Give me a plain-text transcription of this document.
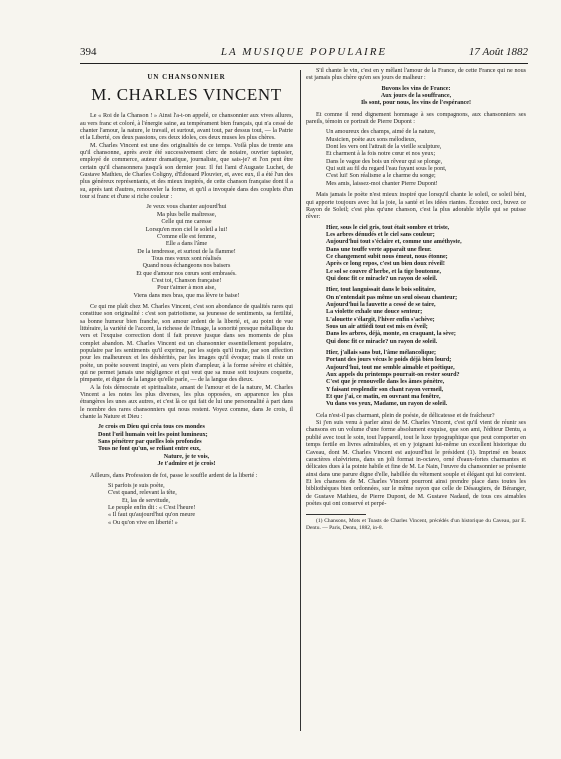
394	LA MUSIQUE POPULAIRE	17 Août 1882
UN CHANSONNIER
M. CHARLES VINCENT

Le « Roi de la Chanson ! » Ainsi l'a-t-on appelé, ce chansonnier aux vives allures, au vers franc et coloré, à l'énergie saine, au tempérament bien français, qui n'a cessé de chanter l'amour, la nature, le travail, et surtout, avant tout, par dessus tout, — la Patrie et la Liberté, ces deux passions, ces deux idoles, ces deux muses les plus chères.

M. Charles Vincent est une des originalités de ce temps. Voilà plus de trente ans qu'il chansonne, après avoir été successivement clerc de notaire, ouvrier tapissier, employé de commerce, auteur dramatique, journaliste, que sais-je? et l'on peut être certain qu'il chansonnera jusqu'à son dernier jour. Il fut l'ami d'Auguste Luchet, de Gustave Mathieu, de Charles Coligny, d'Édouard Plouvier, et, avec eux, il a été l'un des plus généreux représentants, et des mieux inspirés, de cette chanson française dont il a su, après tant d'autres, renouveler la forme, et qu'il a invoquée dans des couplets d'un tour si franc et d'une si riche couleur :

Je veux vous chanter aujourd'hui
Ma plus belle maîtresse,
Celle qui me caresse
Lorsqu'en mon ciel le soleil a lui!
C'omme elle est femme,
Elle a dans l'âme
De la tendresse, et surtout de la flamme!
Tous mes vœux sont réalisés
Quand nous échangeons nos baisers
Et que d'amour nos cœurs sont embrasés.
C'est toi, Chanson française!
Pour t'aimer à mon aise,
Viens dans mes bras, que ma lèvre te baise!

Ce qui me plaît chez M. Charles Vincent, c'est son abondance de qualités rares qui constitue son originalité : c'est son patriotisme, sa jeunesse de sentiments, sa fertilité, sa bonne humeur bien franche, son amour ardent de la liberté, et, au point de vue littéraire, la variété de l'accent, la richesse de l'image, la sonorité presque métallique du vers et l'exquise correction dont il fait preuve jusque dans ses moments de plus complet abandon. M. Charles Vincent est un chansonnier essentiellement populaire, populaire par les sentiments qu'il exprime, par les sujets qu'il traite, par son affection pour les malheureux et les déshérités, par les images qu'il évoque; mais il reste un poète, un poète souvent inspiré, au vers plein d'ampleur, à la forme sévère et châtiée, qui ne permet jamais une négligence et qui veut que sa muse soit toujours coquette, pimpante, et digne de la langue qu'elle parle, — de la langue des dieux.

A la fois démocrate et spiritualiste, amant de l'amour et de la nature, M. Charles Vincent a les notes les plus diverses, les plus opposées, en apparence les plus étrangères les unes aux autres, et c'est là ce qui fait de lui une personnalité à part dans le nombre des rares chansonniers qui nous restent. Voyez comme, dans Je crois, il chante la Nature et Dieu :

Je crois en Dieu qui créa tous ces mondes
Dont l'œil humain voit les point lumineux;
Sans pénétrer par quelles lois profondes
Tous ne font qu'un, se reliant entre eux,
Nature, je te vois,
Je t'admire et je crois!

Ailleurs, dans Profession de foi, passe le souffle ardent de la liberté :

Si parfois je suis poète,
C'est quand, relevant la tête,
Et, las de servitude,
Le peuple enfin dit : « C'est l'heure!
« Il faut qu'aujourd'hui qu'on meure
« Ou qu'on vive en liberté! »

S'il chante le vin, c'est en y mêlant l'amour de la France, de cette France qui ne nous est jamais plus chère qu'en ses jours de malheur :

Buvons les vins de France:
Aux jours de la souffrance,
Ils sont, pour nous, les vins de l'espérance!

Et comme il rend dignement hommage à ses compagnons, aux chansonniers ses pareils, témoin ce portrait de Pierre Dupont :

Un amoureux des champs, aimé de la nature,
Musicien, poète aux sons mélodieux,
Dont les vers ont l'attrait de la vieille sculpture,
Et charment à la fois notre cœur et nos yeux;
Dans le vague des bois un rêveur qui se plonge,
Qui suit au fil du regard l'eau fuyant sous le pont,
C'est lui! Son réalisme a le charme du songe;
Mes amis, laissez-moi chanter Pierre Dupont!

Mais jamais le poète n'est mieux inspiré que lorsqu'il chante le soleil, ce soleil béni, qui apporte toujours avec lui la joie, la santé et les idées riantes. Écoutez ceci, buvez ce Rayon de Soleil; c'est plus qu'une chanson, c'est la plus adorable idylle qui se puisse rêver:

Hier, sous le ciel gris, tout était sombre et triste,
Les arbres dénudés et le ciel sans couleur;
Aujourd'hui tout s'éclaire et, comme une améthyste,
Dans une touffe verte apparaît une fleur.
Ce changement subit nous émeut, nous étonne;
Après ce long repos, c'est un bien doux réveil!
Le sol se couvre d'herbe, et la tige boutonne,
Qui donc fit ce miracle? un rayon de soleil.
Hier, tout languissait dans le bois solitaire,
On n'entendait pas même un seul oiseau chanteur;
Aujourd'hui la fauvette a cessé de se taire,
La violette exhale une douce senteur;
L'alouette s'élargit, l'hiver enfin s'achève;
Sous un air attiédi tout est mis en éveil;
Dans les arbres, déjà, monte, en craquant, la sève;
Qui donc fit ce miracle? un rayon de soleil.
Hier, j'allais sans but, l'âme mélancolique;
Portant des jours vécus le poids déjà bien lourd;
Aujourd'hui, tout me semble aimable et poétique,
Aux appels du printemps pourrait-on rester sourd?
C'est que je renouvelle dans les âmes pénètre,
Y faisant resplendir son chant rayon vermeil,
Et que j'ai, ce matin, en ouvrant ma fenêtre,
Vu dans vos yeux, Madame, un rayon de soleil.

Cela n'est-il pas charmant, plein de poésie, de délicatesse et de fraîcheur?

Si j'en suis venu à parler ainsi de M. Charles Vincent, c'est qu'il vient de réunir ses chansons en un volume d'une forme absolument exquise, que son ami, l'éditeur Dentu, a publié avec tout le soin, tout l'appareil, tout le luxe typographique que peut comporter en temps fertile en livres admirables, et en y joignant lui-même un excellent historique du Caveau, dont M. Charles Vincent est aujourd'hui le président (1). Imprimé en beaux caractères elzéviriens, dans un joli format in-octavo, orné d'eaux-fortes charmantes et délicates dues à la pointe habile et fine de M. Le Nain, l'œuvre du chansonnier se présente ainsi dans une parure digne d'elle, habillée du vêtement souple et élégant qui lui convient. Et les chansons de M. Charles Vincent pourront ainsi prendre place dans toutes les bibliothèques bien ordonnées, sur le même rayon que celle de Désaugiers, de Béranger, de Gustave Mathieu, de Pierre Dupont, de M. Gustave Nadaud, de tous ces aimables poètes qui ont conservé et perpé-

(1) Chansons, Mots et Toasts de Charles Vincent, précédés d'un historique du Caveau, par E. Dentu. — Paris, Dentu, 1882, in-8.
